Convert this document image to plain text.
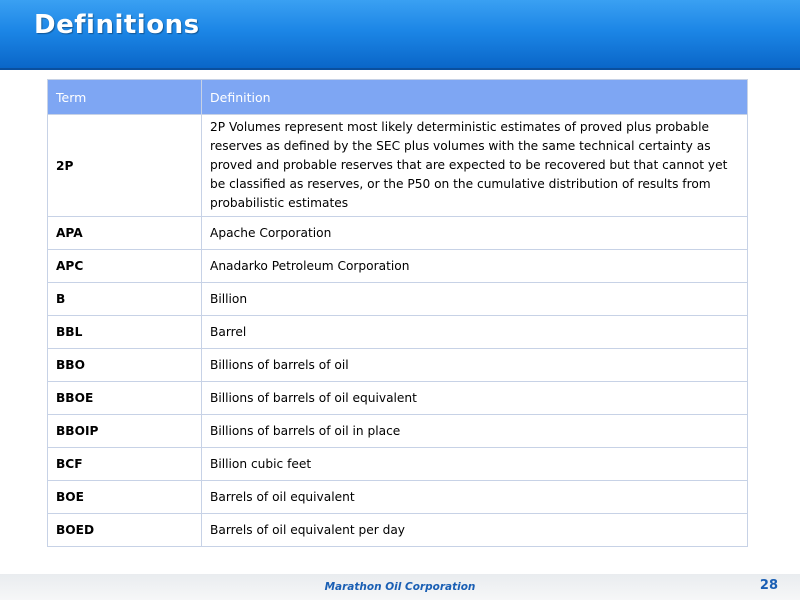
Definitions
Term	Definition
2P	2P Volumes represent most likely deterministic estimates of proved plus probable reserves as defined by the SEC plus volumes with the same technical certainty as proved and probable reserves that are expected to be recovered but that cannot yet be classified as reserves, or the P50 on the cumulative distribution of results from probabilistic estimates
APA	Apache Corporation
APC	Anadarko Petroleum Corporation
B	Billion
BBL	Barrel
BBO	Billions of barrels of oil
BBOE	Billions of barrels of oil equivalent
BBOIP	Billions of barrels of oil in place
BCF	Billion cubic feet
BOE	Barrels of oil equivalent
BOED	Barrels of oil equivalent per day
Marathon Oil Corporation	28
